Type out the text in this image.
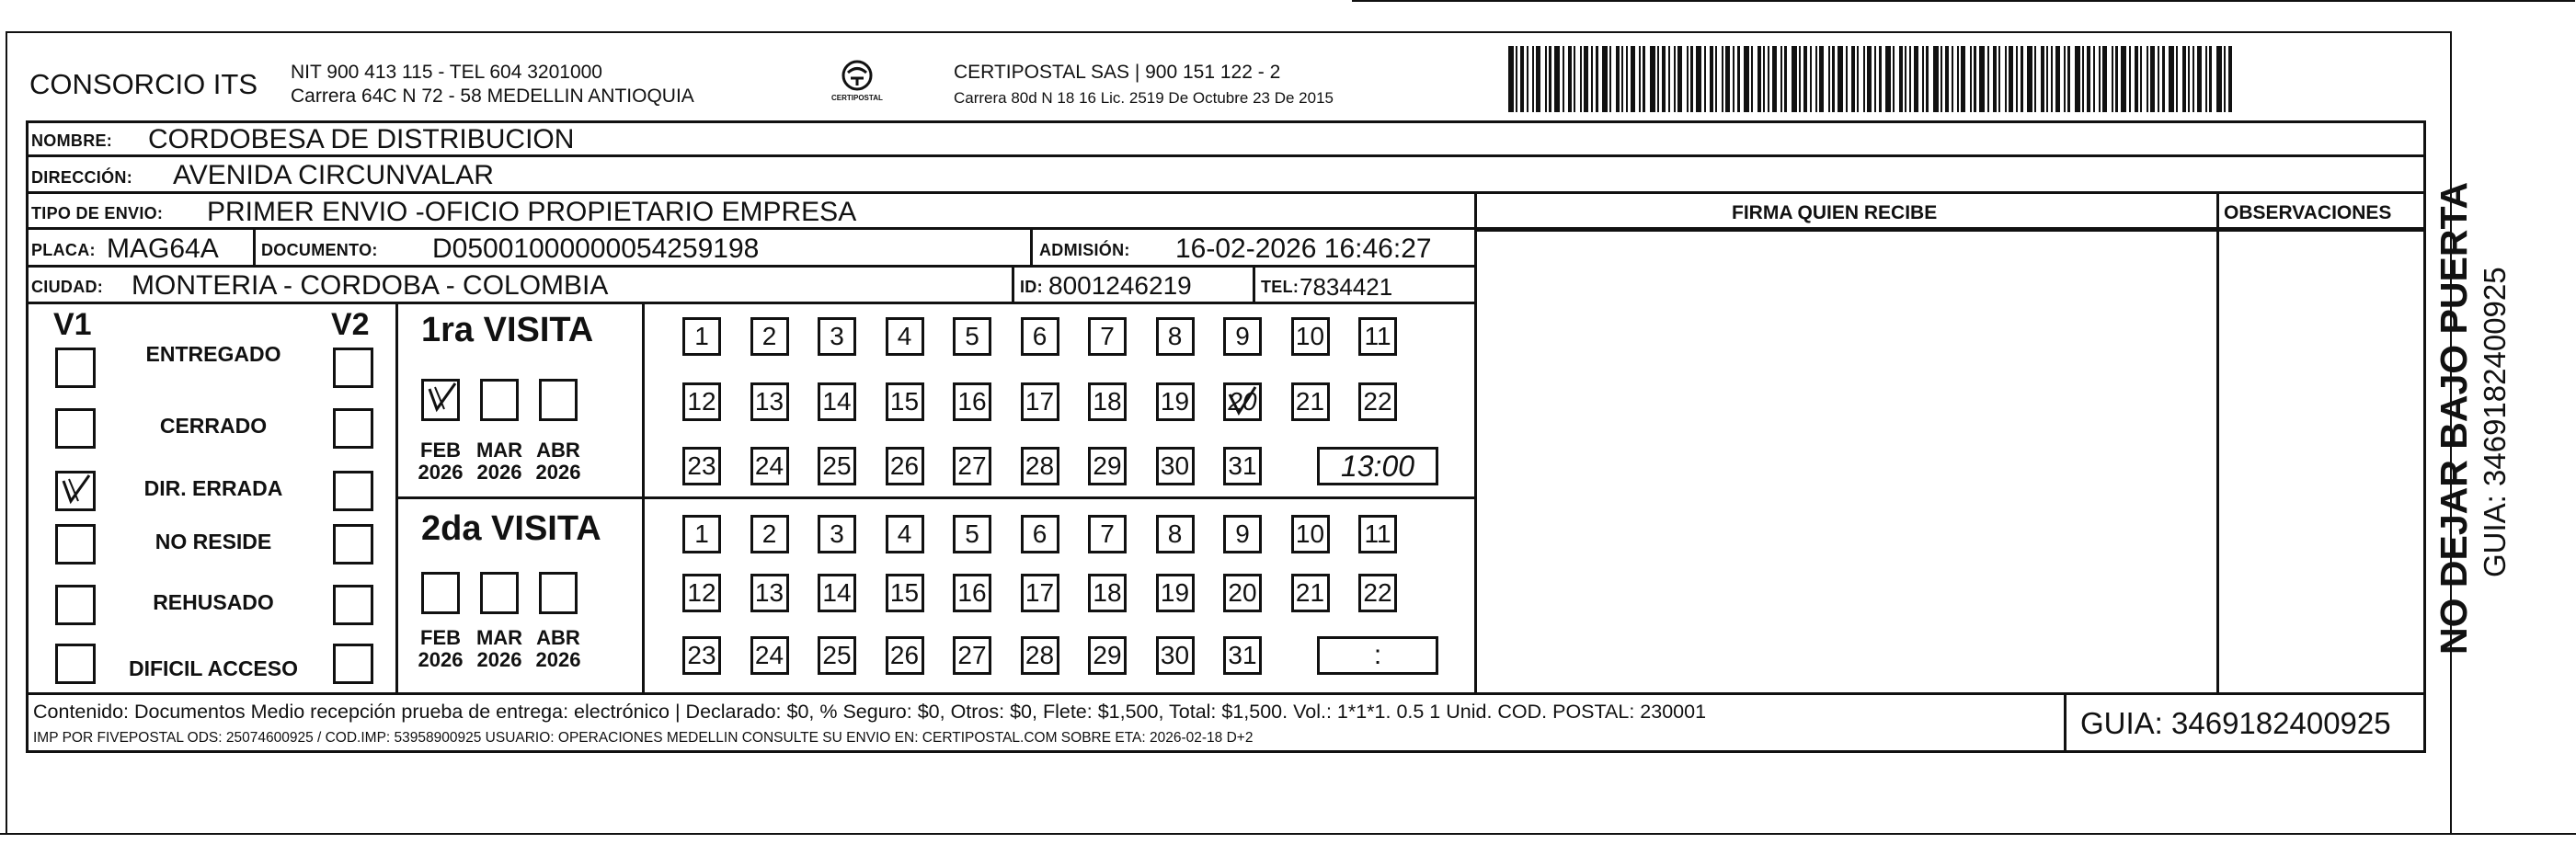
CONSORCIO ITS NIT 900 413 115 - TEL 604 3201000
Carrera 64C N 72 - 58 MEDELLIN ANTIOQUIA	CERTIPOSTAL
CERTIPOSTAL SAS | 900 151 122 - 2
Carrera 80d N 18 16 Lic. 2519 De Octubre 23 De 2015
NOMBRE: CORDOBESA DE DISTRIBUCION
DIRECCIÓN: AVENIDA CIRCUNVALAR
TIPO DE ENVIO: PRIMER ENVIO -OFICIO PROPIETARIO EMPRESA
PLACA: MAG64A	DOCUMENTO: D05001000000054259198	ADMISIÓN: 16-02-2026 16:46:27
CIUDAD: MONTERIA - CORDOBA - COLOMBIA	ID: 8001246219	TEL: 7834421
FIRMA QUIEN RECIBE	OBSERVACIONES
V1	V2
ENTREGADO
CERRADO
DIR. ERRADA
NO RESIDE
REHUSADO
DIFICIL ACCESO
1ra VISITA
2da VISITA
FEB
2026
MAR
2026
ABR
2026
FEB
2026
MAR
2026
ABR
2026
1	2	3	4	5	6	7	8	9	10 11
12 13 14 15 16 17 18 19 20 21 22
23 24 25 26 27 28 29 30 31	13:00
1	2	3	4	5	6	7	8	9	10 11
12 13 14 15 16 17 18 19 20 21 22
23 24 25 26 27 28 29 30 31	:
Contenido: Documentos Medio recepción prueba de entrega: electrónico | Declarado: $0, % Seguro: $0, Otros: $0, Flete: $1,500, Total: $1,500. Vol.: 1*1*1. 0.5 1 Unid. COD. POSTAL: 230001
IMP POR FIVEPOSTAL ODS: 25074600925 / COD.IMP: 53958900925 USUARIO: OPERACIONES MEDELLIN CONSULTE SU ENVIO EN: CERTIPOSTAL.COM SOBRE ETA: 2026-02-18 D+2	GUIA: 3469182400925
NO DEJAR BAJO PUERTA GUIA: 3469182400925
